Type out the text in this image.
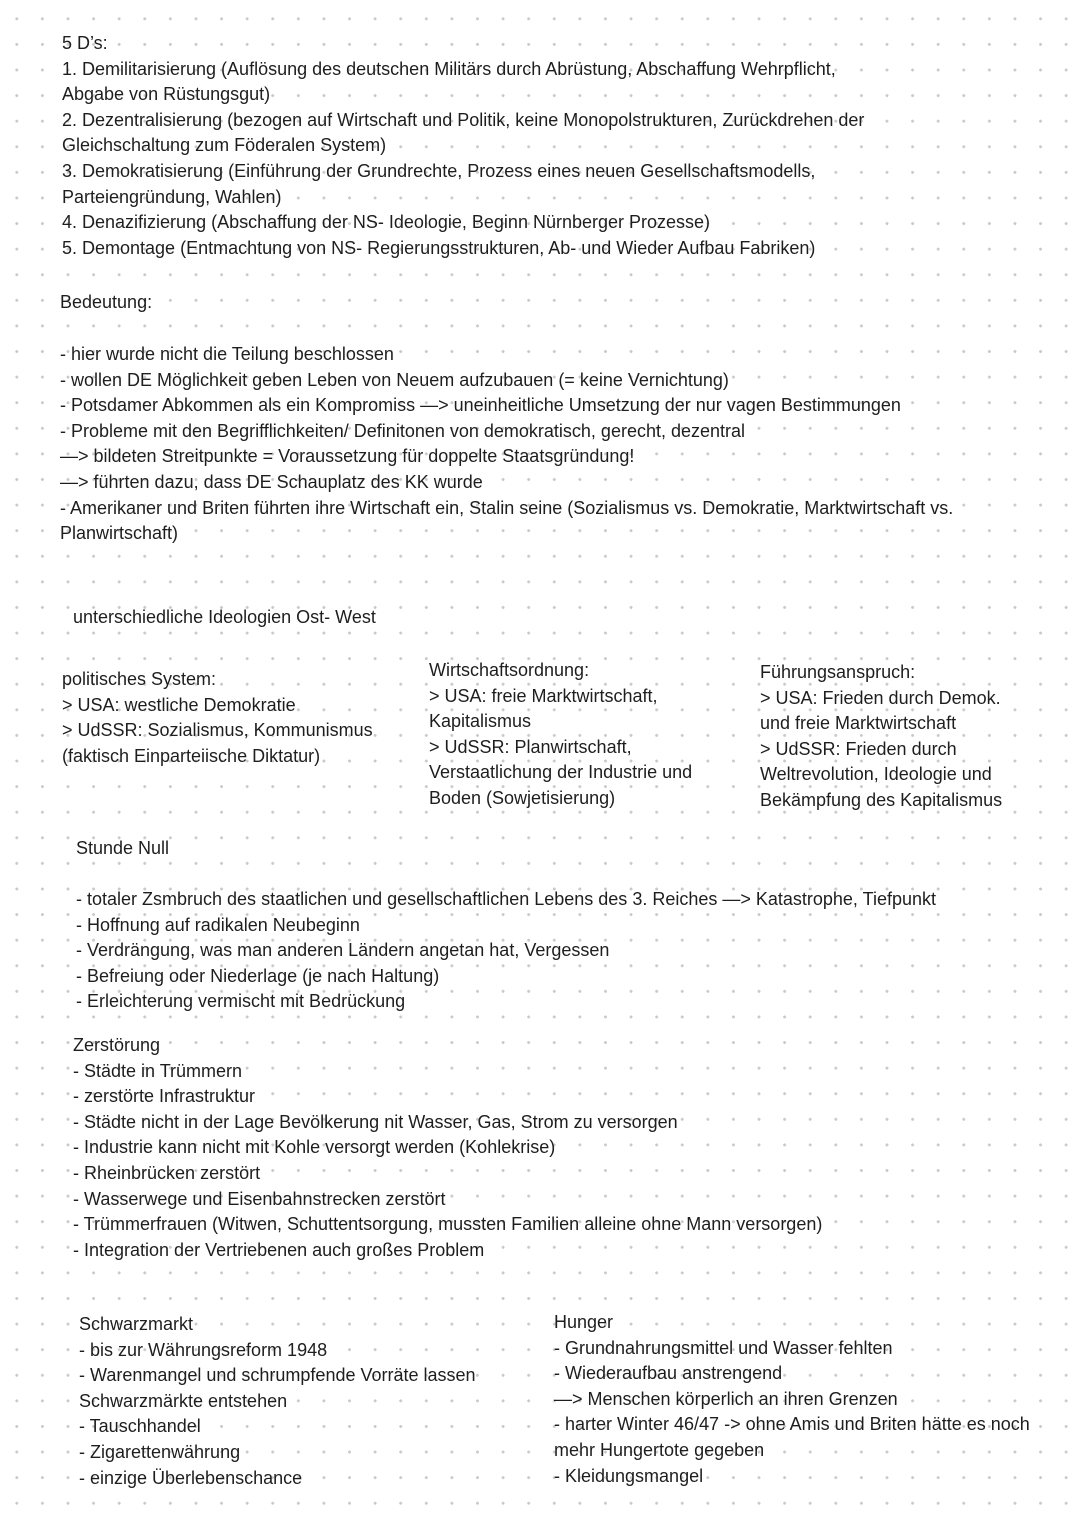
5 D’s:
1. Demilitarisierung (Auflösung des deutschen Militärs durch Abrüstung, Abschaffung Wehrpflicht,
Abgabe von Rüstungsgut)
2. Dezentralisierung (bezogen auf Wirtschaft und Politik, keine Monopolstrukturen, Zurückdrehen der
Gleichschaltung zum Föderalen System)
3. Demokratisierung (Einführung der Grundrechte, Prozess eines neuen Gesellschaftsmodells,
Parteiengründung, Wahlen)
4. Denazifizierung (Abschaffung der NS- Ideologie, Beginn Nürnberger Prozesse)
5. Demontage (Entmachtung von NS- Regierungsstrukturen, Ab- und Wieder Aufbau Fabriken)
Bedeutung:
- hier wurde nicht die Teilung beschlossen
- wollen DE Möglichkeit geben Leben von Neuem aufzubauen (= keine Vernichtung)
- Potsdamer Abkommen als ein Kompromiss —> uneinheitliche Umsetzung der nur vagen Bestimmungen
- Probleme mit den Begrifflichkeiten/ Definitonen von demokratisch, gerecht, dezentral
—> bildeten Streitpunkte = Voraussetzung für doppelte Staatsgründung!
—> führten dazu, dass DE Schauplatz des KK wurde
- Amerikaner und Briten führten ihre Wirtschaft ein, Stalin seine (Sozialismus vs. Demokratie, Marktwirtschaft vs.
Planwirtschaft)
unterschiedliche Ideologien Ost- West
politisches System:
> USA: westliche Demokratie
> UdSSR: Sozialismus, Kommunismus
(faktisch Einparteiische Diktatur)
Wirtschaftsordnung:
> USA: freie Marktwirtschaft,
Kapitalismus
> UdSSR: Planwirtschaft,
Verstaatlichung der Industrie und
Boden (Sowjetisierung)
Führungsanspruch:
> USA: Frieden durch Demok.
und freie Marktwirtschaft
> UdSSR: Frieden durch
Weltrevolution, Ideologie und
Bekämpfung des Kapitalismus
Stunde Null
- totaler Zsmbruch des staatlichen und gesellschaftlichen Lebens des 3. Reiches —> Katastrophe, Tiefpunkt
- Hoffnung auf radikalen Neubeginn
- Verdrängung, was man anderen Ländern angetan hat, Vergessen
- Befreiung oder Niederlage (je nach Haltung)
- Erleichterung vermischt mit Bedrückung
Zerstörung
- Städte in Trümmern
- zerstörte Infrastruktur
- Städte nicht in der Lage Bevölkerung nit Wasser, Gas, Strom zu versorgen
- Industrie kann nicht mit Kohle versorgt werden (Kohlekrise)
- Rheinbrücken zerstört
- Wasserwege und Eisenbahnstrecken zerstört
- Trümmerfrauen (Witwen, Schuttentsorgung, mussten Familien alleine ohne Mann versorgen)
- Integration der Vertriebenen auch großes Problem
Schwarzmarkt
- bis zur Währungsreform 1948
- Warenmangel und schrumpfende Vorräte lassen
Schwarzmärkte entstehen
- Tauschhandel
- Zigarettenwährung
- einzige Überlebenschance
Hunger
- Grundnahrungsmittel und Wasser fehlten
- Wiederaufbau anstrengend
—> Menschen körperlich an ihren Grenzen
- harter Winter 46/47 -> ohne Amis und Briten hätte es noch
mehr Hungertote gegeben
- Kleidungsmangel
